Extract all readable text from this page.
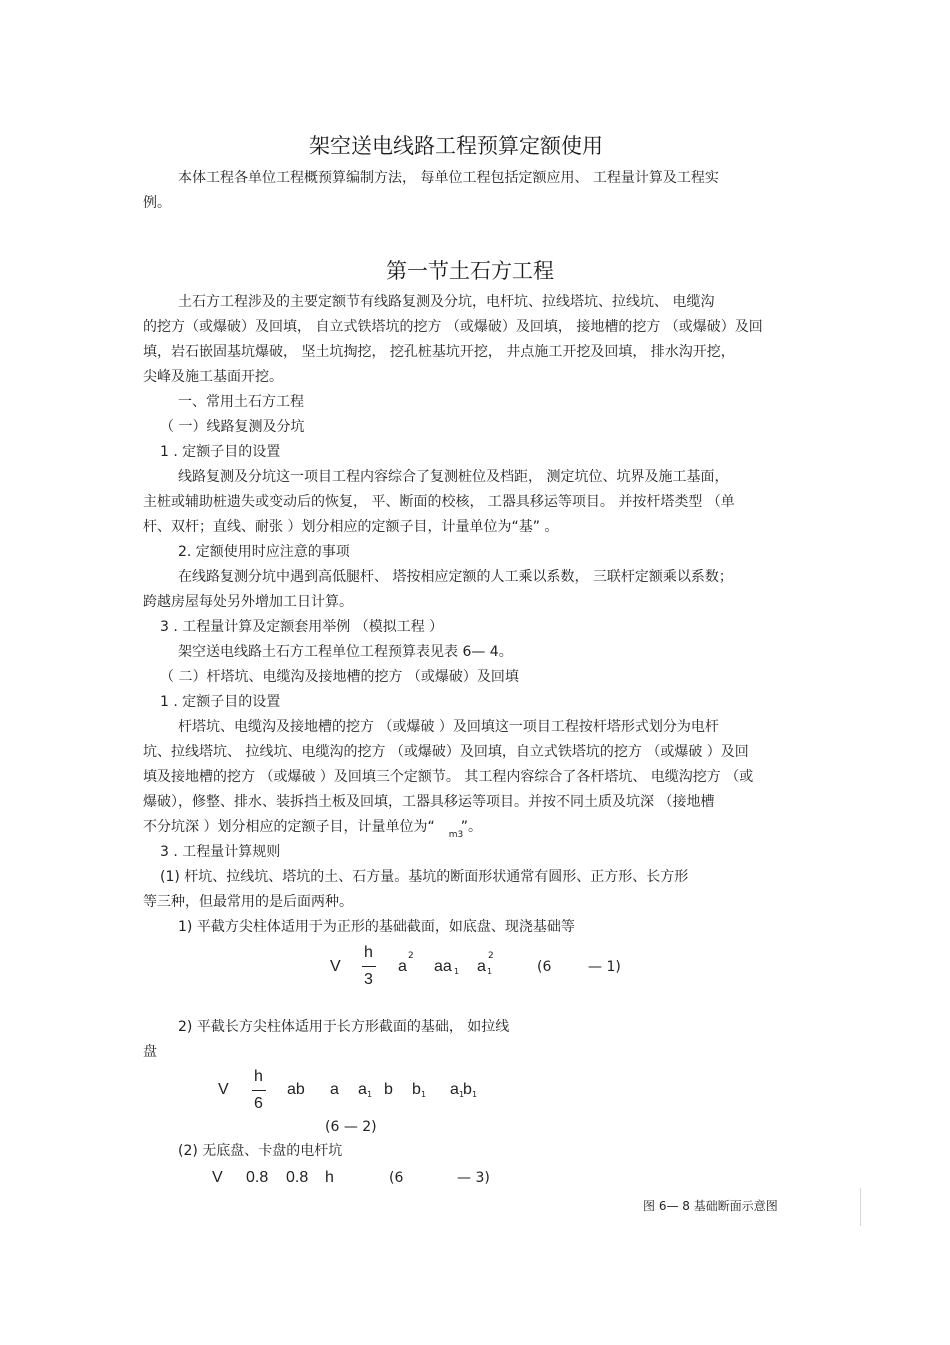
架空送电线路工程预算定额使用
本体工程各单位工程概预算编制方法， 每单位工程包括定额应用、 工程量计算及工程实
例。
第一节土石方工程
土石方工程涉及的主要定额节有线路复测及分坑，电杆坑、拉线塔坑、拉线坑、 电缆沟
的挖方（或爆破）及回填， 自立式铁塔坑的挖方 （或爆破）及回填， 接地槽的挖方 （或爆破）及回
填，岩石嵌固基坑爆破， 坚土坑掏挖， 挖孔桩基坑开挖， 井点施工开挖及回填， 排水沟开挖，
尖峰及施工基面开挖。
一、常用土石方工程
（ 一）线路复测及分坑
1 . 定额子目的设置
线路复测及分坑这一项目工程内容综合了复测桩位及档距， 测定坑位、坑界及施工基面，
主桩或辅助桩遗失或变动后的恢复， 平、断面的校核， 工器具移运等项目。 并按杆塔类型 （单
杆、双杆；直线、耐张 ）划分相应的定额子目，计量单位为“基” 。
2. 定额使用时应注意的事项
在线路复测分坑中遇到高低腿杆、 塔按相应定额的人工乘以系数， 三联杆定额乘以系数；
跨越房屋每处另外增加工日计算。
3 . 工程量计算及定额套用举例 （模拟工程 ）
架空送电线路土石方工程单位工程预算表见表 6— 4。
（ 二）杆塔坑、电缆沟及接地槽的挖方 （或爆破）及回填
1 . 定额子目的设置
杆塔坑、电缆沟及接地槽的挖方 （或爆破 ）及回填这一项目工程按杆塔形式划分为电杆
坑、拉线塔坑、 拉线坑、电缆沟的挖方 （或爆破）及回填，自立式铁塔坑的挖方 （或爆破 ）及回
填及接地槽的挖方 （或爆破 ）及回填三个定额节。 其工程内容综合了各杆塔坑、 电缆沟挖方 （或
爆破），修整、排水、装拆挡土板及回填，工器具移运等项目。并按不同土质及坑深 （接地槽
不分坑深 ）划分相应的定额子目，计量单位为“ m3
”。
3 . 工程量计算规则
(1) 杆坑、拉线坑、塔坑的土、石方量。基坑的断面形状通常有圆形、正方形、长方形
等三种，但最常用的是后面两种。
1) 平截方尖柱体适用于为正形的基础截面，如底盘、现浇基础等
V
h
3
a
2
aa 1 a 1
2
(6	— 1)
2) 平截长方尖柱体适用于长方形截面的基础， 如拉线
盘
V
h
6
ab a a 1 b b 1 a 1
b 1
(6 — 2)
(2) 无底盘、卡盘的电杆坑
V 0.8 0.8 h	(6	— 3)
图 6— 8 基础断面示意图
